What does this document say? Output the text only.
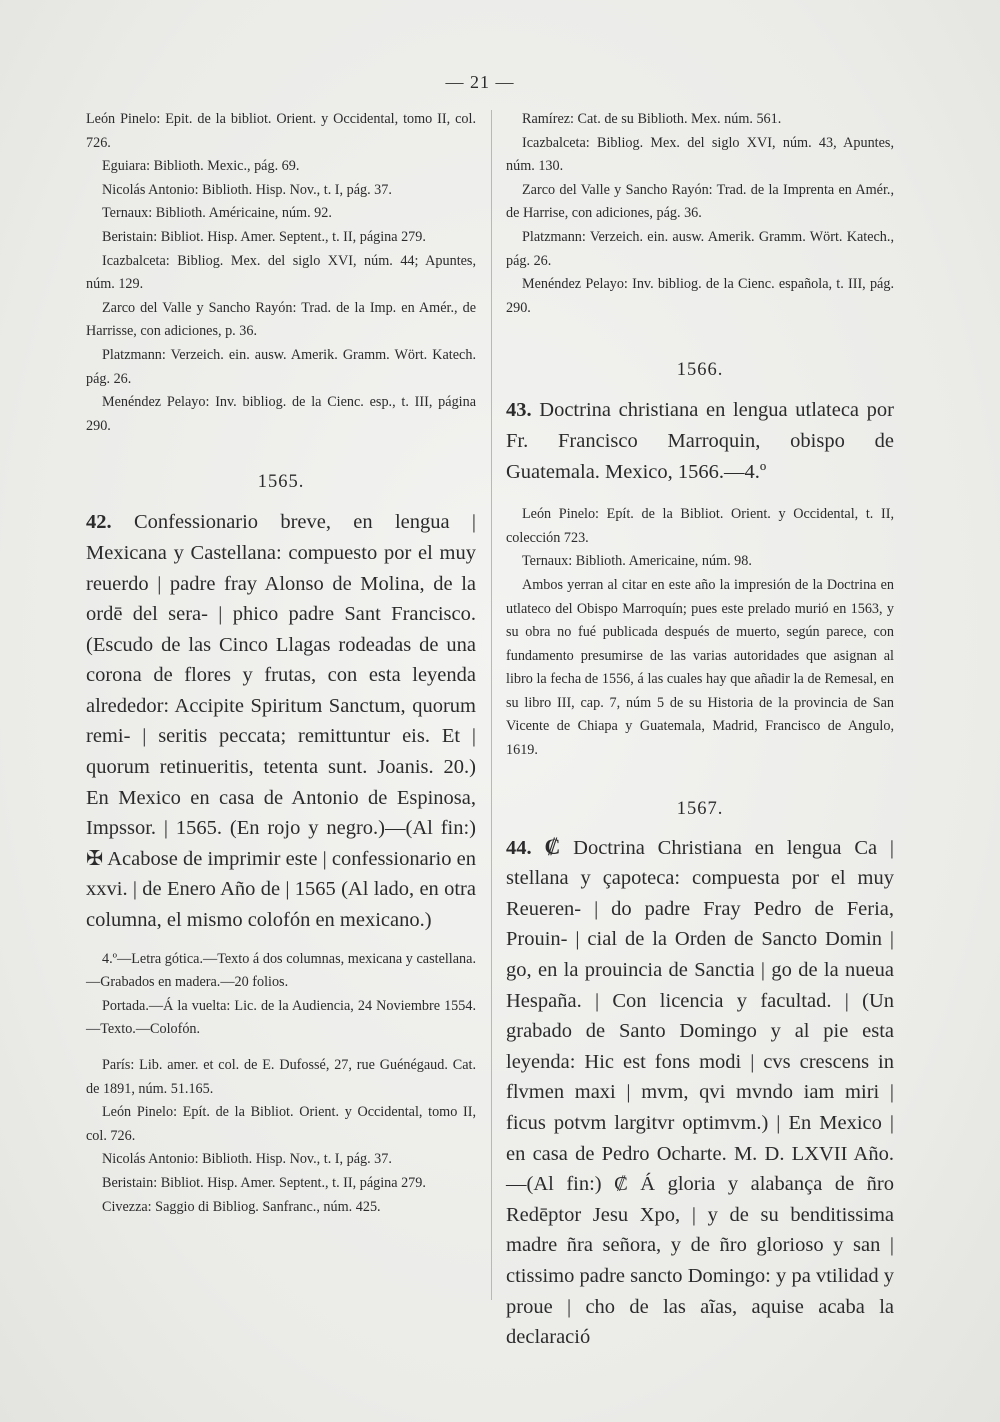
— 21 —

León Pinelo: Epit. de la bibliot. Orient. y Occidental, tomo II, col. 726.

Eguiara: Biblioth. Mexic., pág. 69.

Nicolás Antonio: Biblioth. Hisp. Nov., t. I, pág. 37.

Ternaux: Biblioth. Américaine, núm. 92.

Beristain: Bibliot. Hisp. Amer. Septent., t. II, página 279.

Icazbalceta: Bibliog. Mex. del siglo XVI, núm. 44; Apuntes, núm. 129.

Zarco del Valle y Sancho Rayón: Trad. de la Imp. en Amér., de Harrisse, con adiciones, p. 36.

Platzmann: Verzeich. ein. ausw. Amerik. Gramm. Wört. Katech. pág. 26.

Menéndez Pelayo: Inv. bibliog. de la Cienc. esp., t. III, página 290.

1565.

42. Confessionario breve, en lengua | Mexicana y Castellana: compuesto por el muy reuerdo | padre fray Alonso de Molina, de la ordē del sera- | phico padre Sant Francisco. (Escudo de las Cinco Llagas rodeadas de una corona de flores y frutas, con esta leyenda alrededor: Accipite Spiritum Sanctum, quorum remi- | seritis peccata; remittuntur eis. Et | quorum retinueritis, tetenta sunt. Joanis. 20.) En Mexico en casa de Antonio de Espinosa, Impssor. | 1565. (En rojo y negro.)—(Al fin:) ✠ Acabose de imprimir este | confessionario en xxvi. | de Enero Año de | 1565 (Al lado, en otra columna, el mismo colofón en mexicano.)

4.º—Letra gótica.—Texto á dos columnas, mexicana y castellana.—Grabados en madera.—20 folios.

Portada.—Á la vuelta: Lic. de la Audiencia, 24 Noviembre 1554.—Texto.—Colofón.

París: Lib. amer. et col. de E. Dufossé, 27, rue Guénégaud. Cat. de 1891, núm. 51.165.

León Pinelo: Epít. de la Bibliot. Orient. y Occidental, tomo II, col. 726.

Nicolás Antonio: Biblioth. Hisp. Nov., t. I, pág. 37.

Beristain: Bibliot. Hisp. Amer. Septent., t. II, página 279.

Civezza: Saggio di Bibliog. Sanfranc., núm. 425.

Ramírez: Cat. de su Biblioth. Mex. núm. 561.

Icazbalceta: Bibliog. Mex. del siglo XVI, núm. 43, Apuntes, núm. 130.

Zarco del Valle y Sancho Rayón: Trad. de la Imprenta en Amér., de Harrise, con adiciones, pág. 36.

Platzmann: Verzeich. ein. ausw. Amerik. Gramm. Wört. Katech., pág. 26.

Menéndez Pelayo: Inv. bibliog. de la Cienc. española, t. III, pág. 290.

1566.

43. Doctrina christiana en lengua utlateca por Fr. Francisco Marroquin, obispo de Guatemala. Mexico, 1566.—4.º

León Pinelo: Epít. de la Bibliot. Orient. y Occidental, t. II, colección 723.

Ternaux: Biblioth. Americaine, núm. 98.

Ambos yerran al citar en este año la impresión de la Doctrina en utlateco del Obispo Marroquín; pues este prelado murió en 1563, y su obra no fué publicada después de muerto, según parece, con fundamento presumirse de las varias autoridades que asignan al libro la fecha de 1556, á las cuales hay que añadir la de Remesal, en su libro III, cap. 7, núm 5 de su Historia de la provincia de San Vicente de Chiapa y Guatemala, Madrid, Francisco de Angulo, 1619.

1567.

44. ₡ Doctrina Christiana en lengua Ca | stellana y çapoteca: compuesta por el muy Reueren- | do padre Fray Pedro de Feria, Prouin- | cial de la Orden de Sancto Domin | go, en la prouincia de Sanctia | go de la nueua Hespaña. | Con licencia y facultad. | (Un grabado de Santo Domingo y al pie esta leyenda: Hic est fons modi | cvs crescens in flvmen maxi | mvm, qvi mvndo iam miri | ficus potvm largitvr optimvm.) | En Mexico | en casa de Pedro Ocharte. M. D. LXVII Año.—(Al fin:) ₡ Á gloria y alabança de ñro Redēptor Jesu Xpo, | y de su benditissima madre ñra señora, y de ñro glorioso y san | ctissimo padre sancto Domingo: y pa vtilidad y proue | cho de las aĩas, aquise acaba la declaració
